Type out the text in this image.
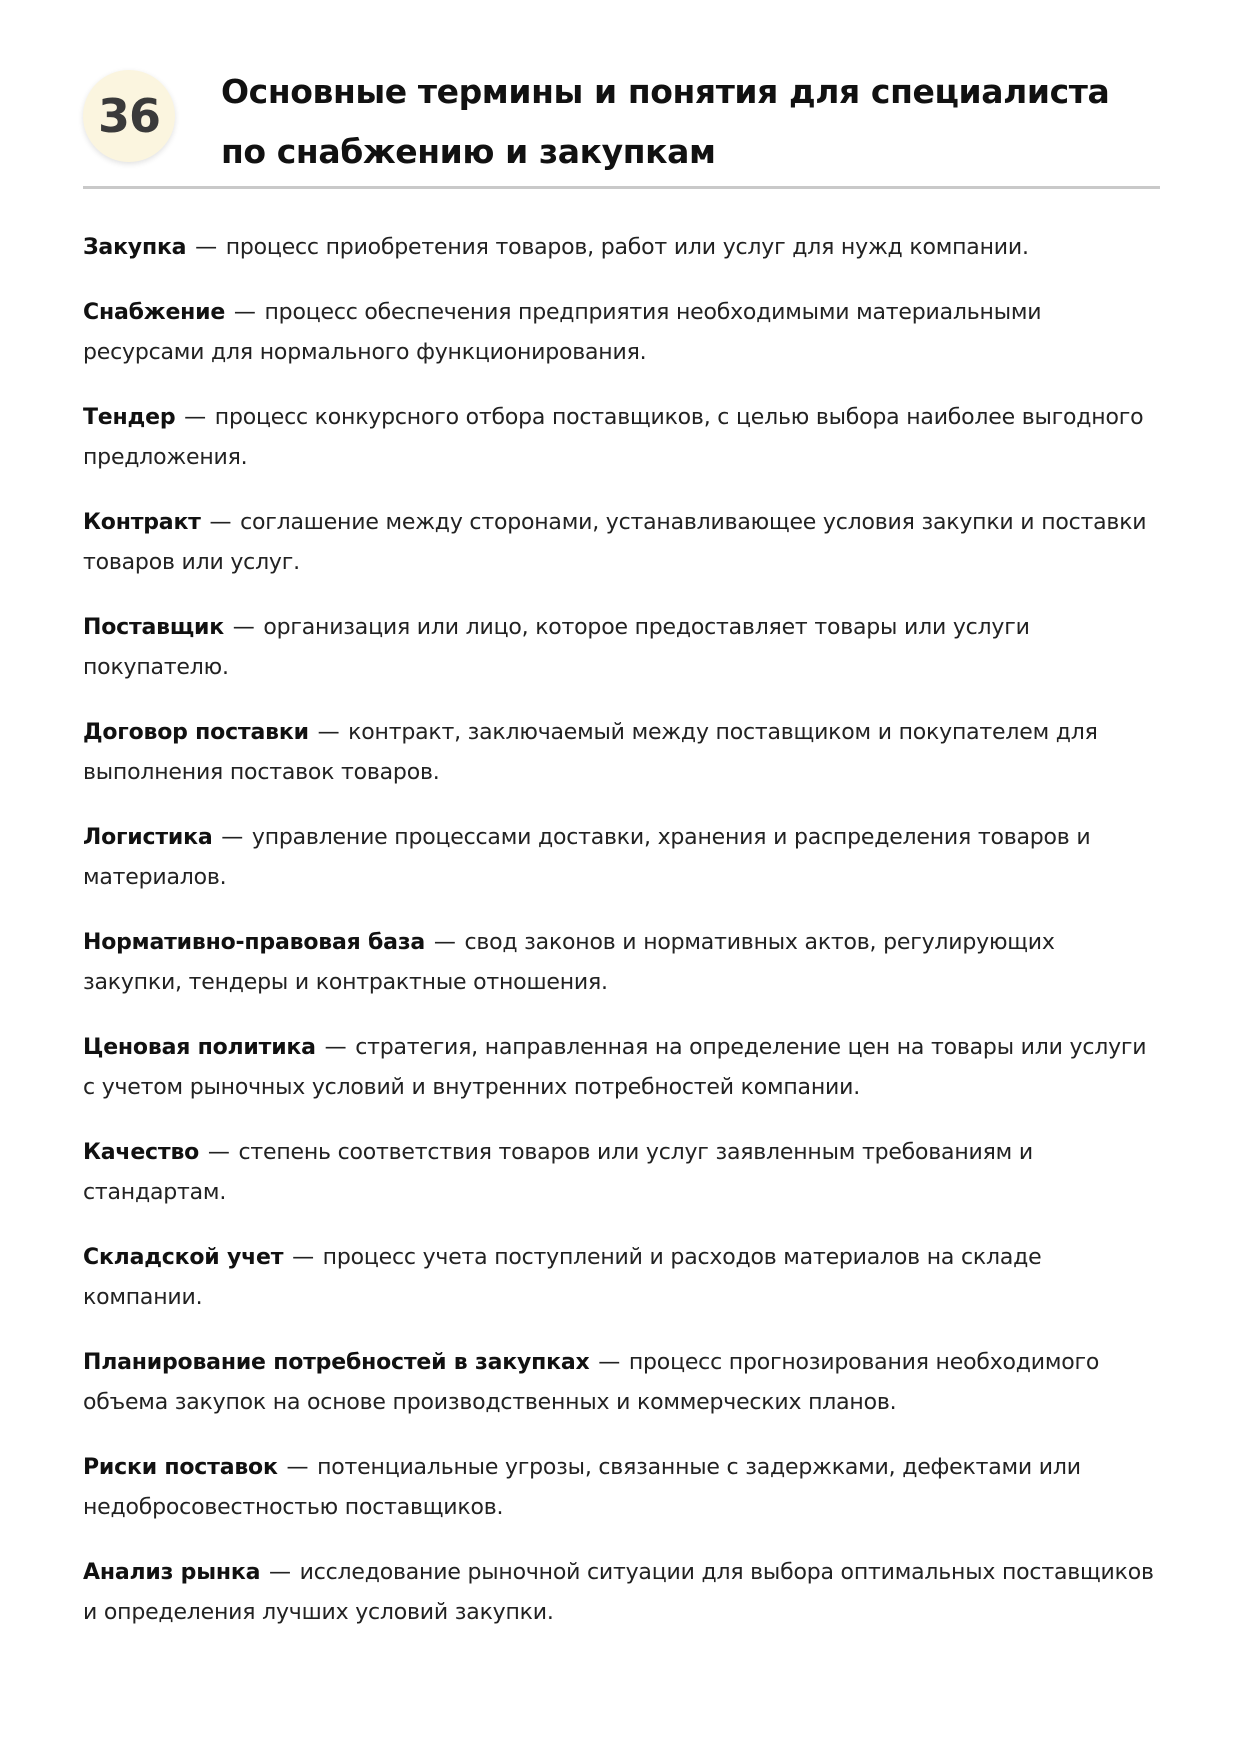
36 Основные термины и понятия для специалиста по снабжению и закупкам
Закупка — процесс приобретения товаров, работ или услуг для нужд компании.
Снабжение — процесс обеспечения предприятия необходимыми материальными ресурсами для нормального функционирования.
Тендер — процесс конкурсного отбора поставщиков, с целью выбора наиболее выгодного предложения.
Контракт — соглашение между сторонами, устанавливающее условия закупки и поставки товаров или услуг.
Поставщик — организация или лицо, которое предоставляет товары или услуги покупателю.
Договор поставки — контракт, заключаемый между поставщиком и покупателем для выполнения поставок товаров.
Логистика — управление процессами доставки, хранения и распределения товаров и материалов.
Нормативно-правовая база — свод законов и нормативных актов, регулирующих закупки, тендеры и контрактные отношения.
Ценовая политика — стратегия, направленная на определение цен на товары или услуги с учетом рыночных условий и внутренних потребностей компании.
Качество — степень соответствия товаров или услуг заявленным требованиям и стандартам.
Складской учет — процесс учета поступлений и расходов материалов на складе компании.
Планирование потребностей в закупках — процесс прогнозирования необходимого объема закупок на основе производственных и коммерческих планов.
Риски поставок — потенциальные угрозы, связанные с задержками, дефектами или недобросовестностью поставщиков.
Анализ рынка — исследование рыночной ситуации для выбора оптимальных поставщиков и определения лучших условий закупки.
